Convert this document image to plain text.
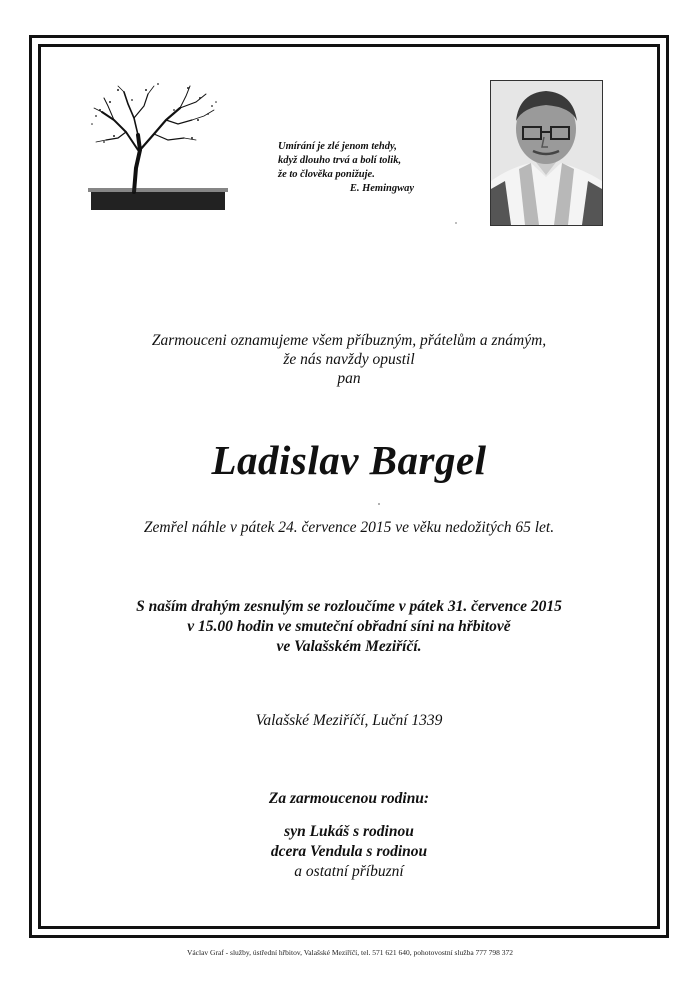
Umírání je zlé jenom tehdy,
když dlouho trvá a bolí tolik,
že to člověka ponižuje.
E. Hemingway
Zarmouceni oznamujeme všem příbuzným, přátelům a známým,
že nás navždy opustil
pan
Ladislav Bargel
Zemřel náhle v pátek 24. července 2015 ve věku nedožitých 65 let.
S naším drahým zesnulým se rozloučíme v pátek 31. července 2015
v 15.00 hodin ve smuteční obřadní síni na hřbitově
ve Valašském Meziříčí.
Valašské Meziříčí, Luční 1339
Za zarmoucenou rodinu:
syn Lukáš s rodinou
dcera Vendula s rodinou
a ostatní příbuzní
Václav Graf - služby, ústřední hřbitov, Valašské Meziříčí, tel. 571 621 640, pohotovostní služba 777 798 372
